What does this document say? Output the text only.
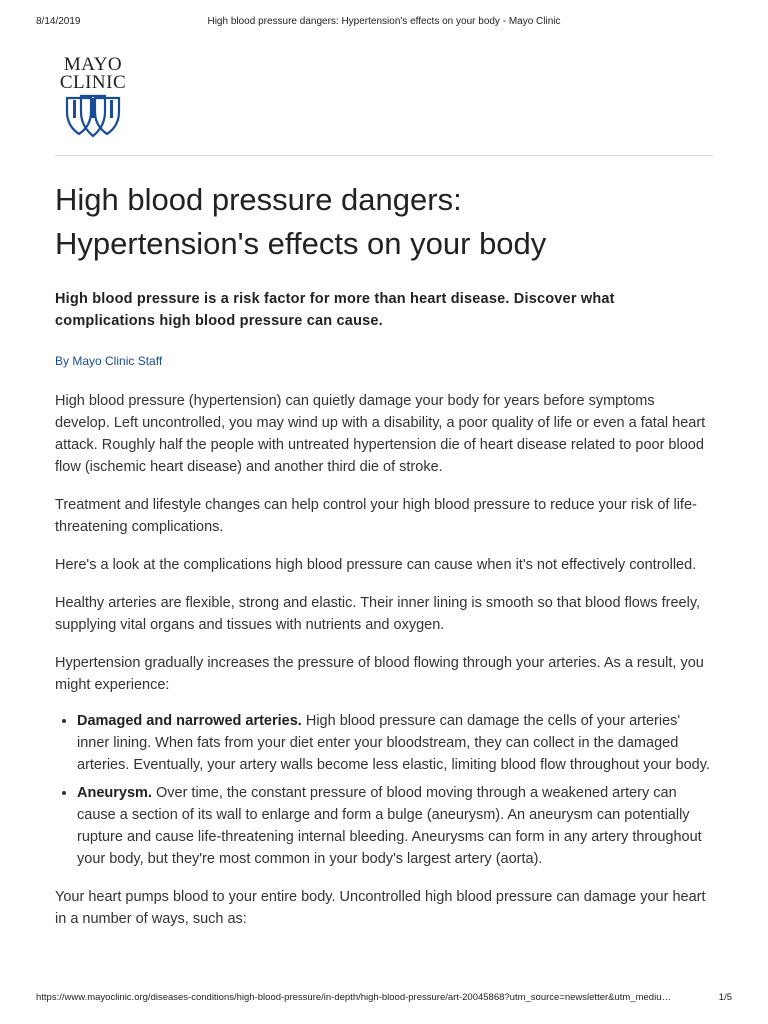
8/14/2019	High blood pressure dangers: Hypertension's effects on your body - Mayo Clinic
MAYO
CLINIC
High blood pressure dangers:
Hypertension's effects on your body

High blood pressure is a risk factor for more than heart disease. Discover what complications high blood pressure can cause.

By Mayo Clinic Staff

High blood pressure (hypertension) can quietly damage your body for years before symptoms develop. Left uncontrolled, you may wind up with a disability, a poor quality of life or even a fatal heart attack. Roughly half the people with untreated hypertension die of heart disease related to poor blood flow (ischemic heart disease) and another third die of stroke.

Treatment and lifestyle changes can help control your high blood pressure to reduce your risk of life-threatening complications.

Here's a look at the complications high blood pressure can cause when it's not effectively controlled.

Healthy arteries are flexible, strong and elastic. Their inner lining is smooth so that blood flows freely, supplying vital organs and tissues with nutrients and oxygen.

Hypertension gradually increases the pressure of blood flowing through your arteries. As a result, you might experience:

• Damaged and narrowed arteries. High blood pressure can damage the cells of your arteries' inner lining. When fats from your diet enter your bloodstream, they can collect in the damaged arteries. Eventually, your artery walls become less elastic, limiting blood flow throughout your body.
• Aneurysm. Over time, the constant pressure of blood moving through a weakened artery can cause a section of its wall to enlarge and form a bulge (aneurysm). An aneurysm can potentially rupture and cause life-threatening internal bleeding. Aneurysms can form in any artery throughout your body, but they're most common in your body's largest artery (aorta).

Your heart pumps blood to your entire body. Uncontrolled high blood pressure can damage your heart in a number of ways, such as:

https://www.mayoclinic.org/diseases-conditions/high-blood-pressure/in-depth/high-blood-pressure/art-20045868?utm_source=newsletter&utm_mediu…	1/5
